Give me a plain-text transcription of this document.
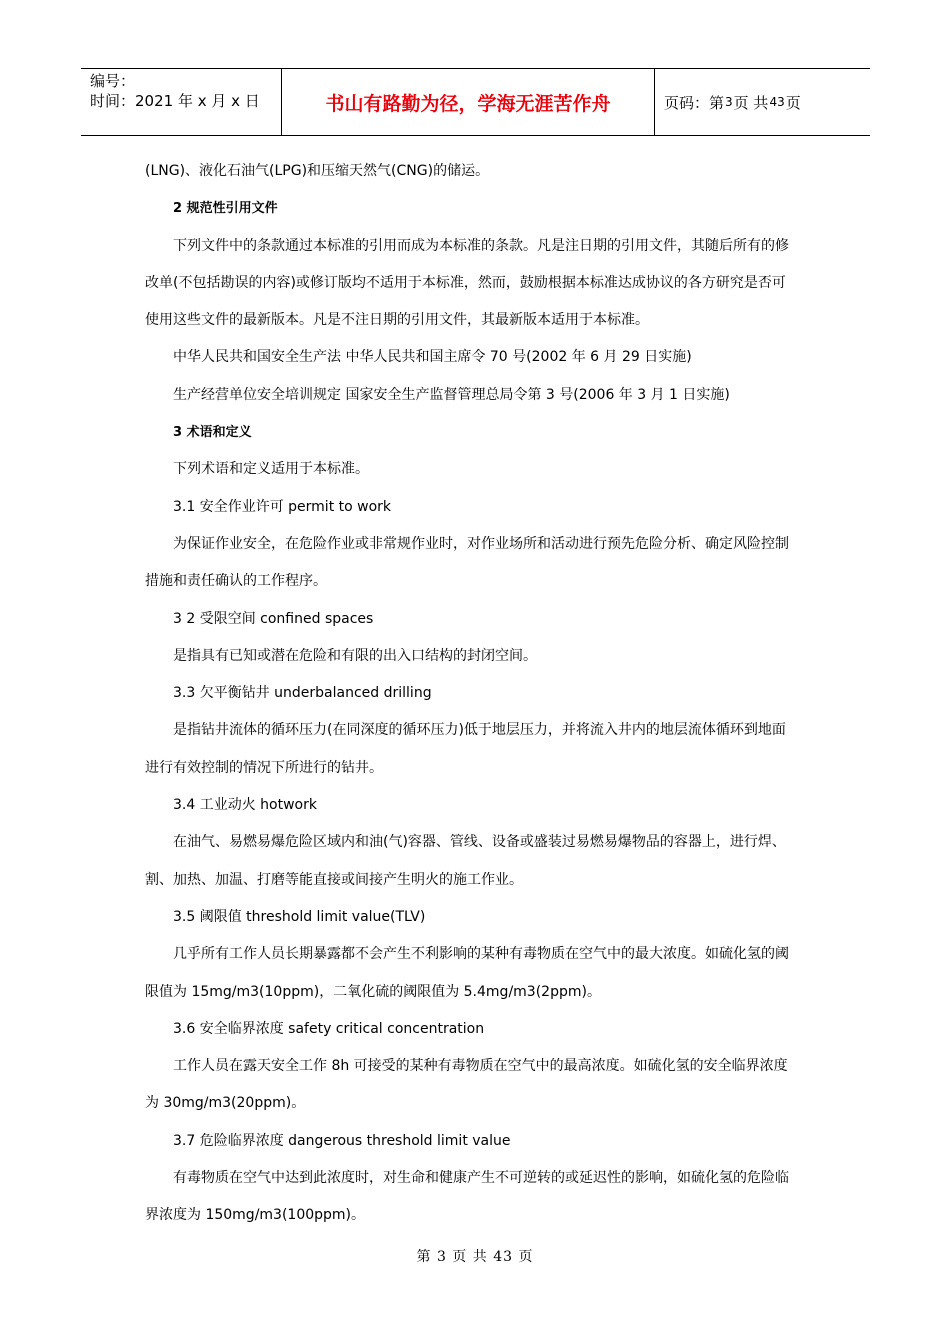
编号：
时间：2021 年 x 月 x 日	书山有路勤为径，学海无涯苦作舟	页码：第 3 页 共 43 页
(LNG)、液化石油气(LPG)和压缩天然气(CNG)的储运。
2 规范性引用文件
下列文件中的条款通过本标准的引用而成为本标准的条款。凡是注日期的引用文件，其随后所有的修
改单(不包括勘误的内容)或修订版均不适用于本标准，然而，鼓励根据本标准达成协议的各方研究是否可
使用这些文件的最新版本。凡是不注日期的引用文件，其最新版本适用于本标准。
中华人民共和国安全生产法 中华人民共和国主席令 70 号(2002 年 6 月 29 日实施)
生产经营单位安全培训规定 国家安全生产监督管理总局令第 3 号(2006 年 3 月 1 日实施)
3 术语和定义
下列术语和定义适用于本标准。
3.1 安全作业许可 permit to work
为保证作业安全，在危险作业或非常规作业时，对作业场所和活动进行预先危险分析、确定风险控制
措施和责任确认的工作程序。
3 2 受限空间 confined spaces
是指具有已知或潜在危险和有限的出入口结构的封闭空间。
3.3 欠平衡钻井 underbalanced drilling
是指钻井流体的循环压力(在同深度的循环压力)低于地层压力，并将流入井内的地层流体循环到地面
进行有效控制的情况下所进行的钻井。
3.4 工业动火 hotwork
在油气、易燃易爆危险区域内和油(气)容器、管线、设备或盛装过易燃易爆物品的容器上，进行焊、
割、加热、加温、打磨等能直接或间接产生明火的施工作业。
3.5 阈限值 threshold limit value(TLV)
几乎所有工作人员长期暴露都不会产生不利影响的某种有毒物质在空气中的最大浓度。如硫化氢的阈
限值为 15mg/m3(10ppm)，二氧化硫的阈限值为 5.4mg/m3(2ppm)。
3.6 安全临界浓度 safety critical concentration
工作人员在露天安全工作 8h 可接受的某种有毒物质在空气中的最高浓度。如硫化氢的安全临界浓度
为 30mg/m3(20ppm)。
3.7 危险临界浓度 dangerous threshold limit value
有毒物质在空气中达到此浓度时，对生命和健康产生不可逆转的或延迟性的影响，如硫化氢的危险临
界浓度为 150mg/m3(100ppm)。
第 3 页 共 43 页
